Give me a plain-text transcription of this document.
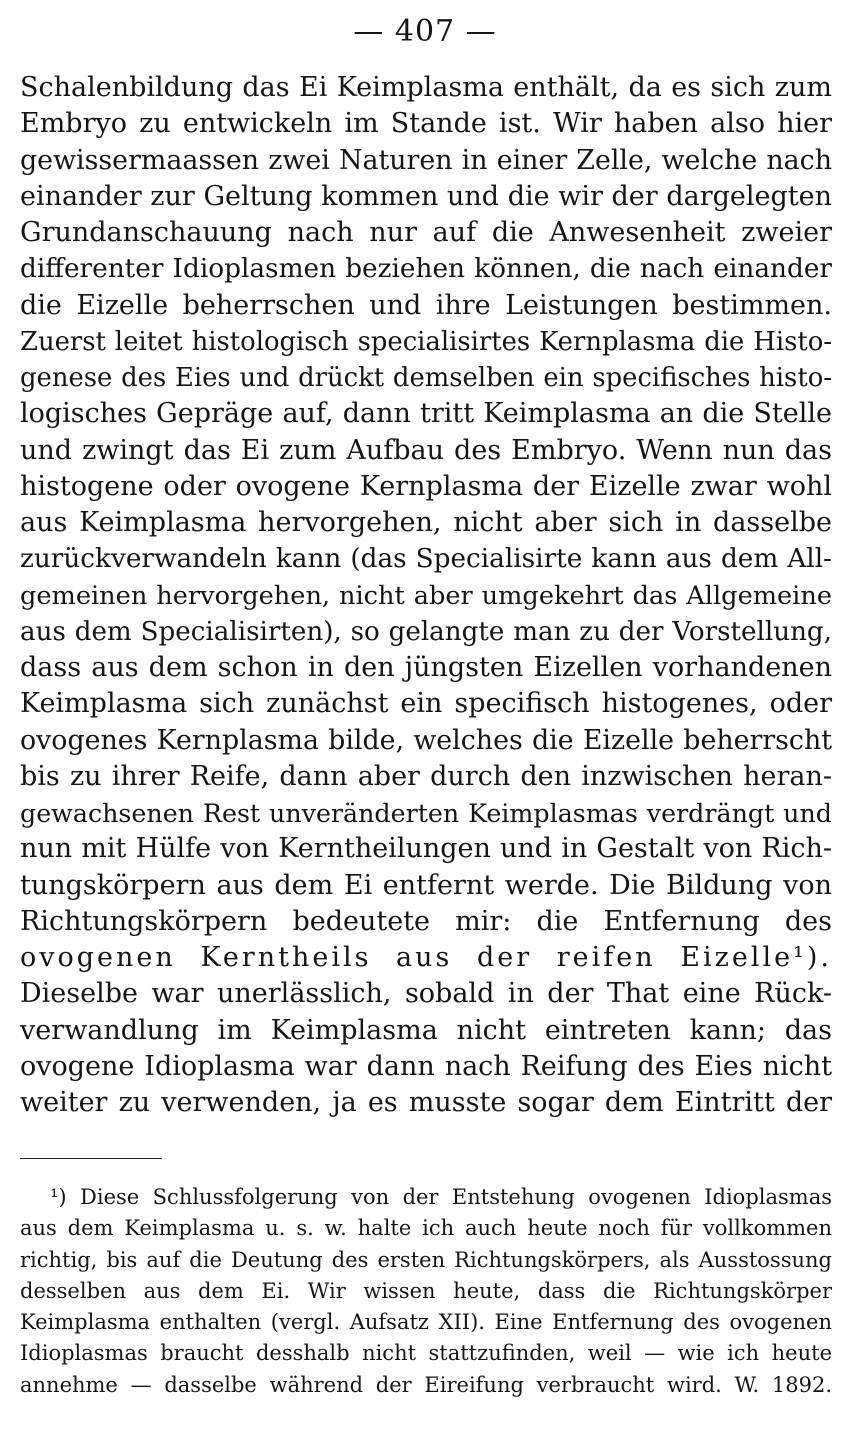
— 407 —
Schalenbildung das Ei Keimplasma enthält, da es sich zum
Embryo zu entwickeln im Stande ist. Wir haben also hier
gewissermaassen zwei Naturen in einer Zelle, welche nach
einander zur Geltung kommen und die wir der dargelegten
Grundanschauung nach nur auf die Anwesenheit zweier
differenter Idioplasmen beziehen können, die nach einander
die Eizelle beherrschen und ihre Leistungen bestimmen.
Zuerst leitet histologisch specialisirtes Kernplasma die Histo-
genese des Eies und drückt demselben ein specifisches histo-
logisches Gepräge auf, dann tritt Keimplasma an die Stelle
und zwingt das Ei zum Aufbau des Embryo. Wenn nun das
histogene oder ovogene Kernplasma der Eizelle zwar wohl
aus Keimplasma hervorgehen, nicht aber sich in dasselbe
zurückverwandeln kann (das Specialisirte kann aus dem All-
gemeinen hervorgehen, nicht aber umgekehrt das Allgemeine
aus dem Specialisirten), so gelangte man zu der Vorstellung,
dass aus dem schon in den jüngsten Eizellen vorhandenen
Keimplasma sich zunächst ein specifisch histogenes, oder
ovogenes Kernplasma bilde, welches die Eizelle beherrscht
bis zu ihrer Reife, dann aber durch den inzwischen heran-
gewachsenen Rest unveränderten Keimplasmas verdrängt und
nun mit Hülfe von Kerntheilungen und in Gestalt von Rich-
tungskörpern aus dem Ei entfernt werde. Die Bildung von
Richtungskörpern bedeutete mir: die Entfernung des
ovogenen Kerntheils aus der reifen Eizelle¹).
Dieselbe war unerlässlich, sobald in der That eine Rück-
verwandlung im Keimplasma nicht eintreten kann; das
ovogene Idioplasma war dann nach Reifung des Eies nicht
weiter zu verwenden, ja es musste sogar dem Eintritt der
¹) Diese Schlussfolgerung von der Entstehung ovogenen Idioplasmas
aus dem Keimplasma u. s. w. halte ich auch heute noch für vollkommen
richtig, bis auf die Deutung des ersten Richtungskörpers, als Ausstossung
desselben aus dem Ei. Wir wissen heute, dass die Richtungskörper
Keimplasma enthalten (vergl. Aufsatz XII). Eine Entfernung des ovogenen
Idioplasmas braucht desshalb nicht stattzufinden, weil — wie ich heute
annehme — dasselbe während der Eireifung verbraucht wird. W. 1892.
